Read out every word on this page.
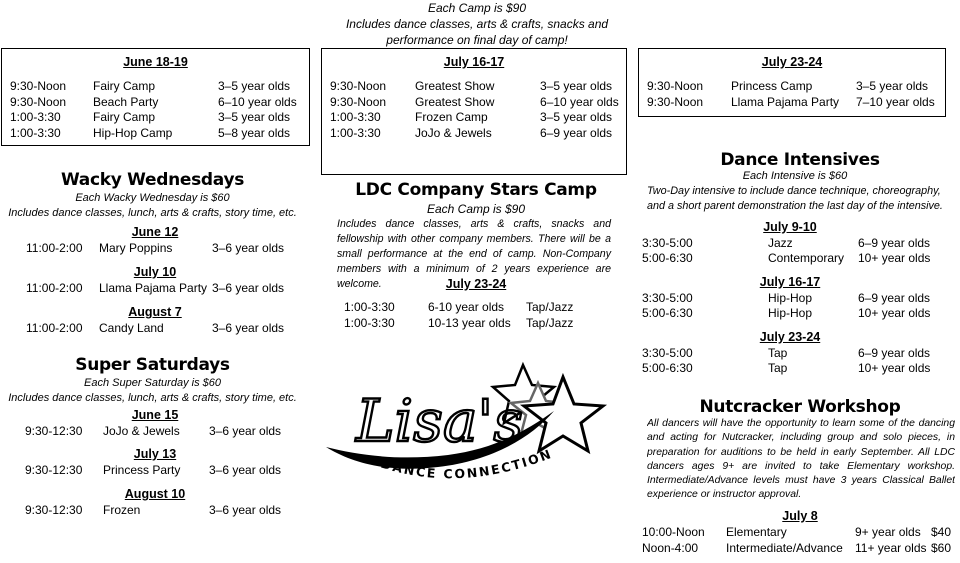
Each Camp is $90
Includes dance classes, arts & crafts, snacks and
performance on final day of camp!
June 18-19
9:30-Noon Fairy Camp	3–5 year olds
9:30-Noon Beach Party	6–10 year olds
1:00-3:30	Fairy Camp	3–5 year olds
1:00-3:30	Hip-Hop Camp	5–8 year olds
July 16-17
9:30-Noon Greatest Show	3–5 year olds
9:30-Noon Greatest Show	6–10 year olds
1:00-3:30	Frozen Camp	3–5 year olds
1:00-3:30	JoJo & Jewels	6–9 year olds
July 23-24
9:30-Noon Princess Camp	3–5 year olds
9:30-Noon Llama Pajama Party 7–10 year olds
Wacky Wednesdays
Each Wacky Wednesday is $60
Includes dance classes, lunch, arts & crafts, story time, etc.
June 12
11:00-2:00 Mary Poppins	3–6 year olds
July 10
11:00-2:00 Llama Pajama Party 3–6 year olds
August 7
11:00-2:00 Candy Land	3–6 year olds
Super Saturdays
Each Super Saturday is $60
Includes dance classes, lunch, arts & crafts, story time, etc.
June 15
9:30-12:30 JoJo & Jewels 3–6 year olds
July 13
9:30-12:30 Princess Party 3–6 year olds
August 10
9:30-12:30 Frozen	3–6 year olds
LDC Company Stars Camp
Each Camp is $90
Includes dance classes, arts & crafts, snacks and fellowship with other company members. There will be a small performance at the end of camp. Non-Company members with a minimum of 2 years experience are welcome.	July 23-24
1:00-3:30	6-10 year olds Tap/Jazz
1:00-3:30	10-13 year olds Tap/Jazz
Lisa's
DANCE CONNECTION
Dance Intensives
Each Intensive is $60
Two-Day intensive to include dance technique, choreography,
and a short parent demonstration the last day of the intensive.
July 9-10
3:30-5:00	Jazz	6–9 year olds
5:00-6:30	Contemporary 10+ year olds
July 16-17
3:30-5:00	Hip-Hop	6–9 year olds
5:00-6:30	Hip-Hop	10+ year olds
July 23-24
3:30-5:00	Tap	6–9 year olds
5:00-6:30	Tap	10+ year olds
Nutcracker Workshop
All dancers will have the opportunity to learn some of the dancing and acting for Nutcracker, including group and solo pieces, in preparation for auditions to be held in early September. All LDC dancers ages 9+ are invited to take Elementary workshop. Intermediate/Advance levels must have 3 years Classical Ballet experience or instructor approval.
July 8
10:00-Noon Elementary	9+ year olds $40
Noon-4:00 Intermediate/Advance 11+ year olds $60
